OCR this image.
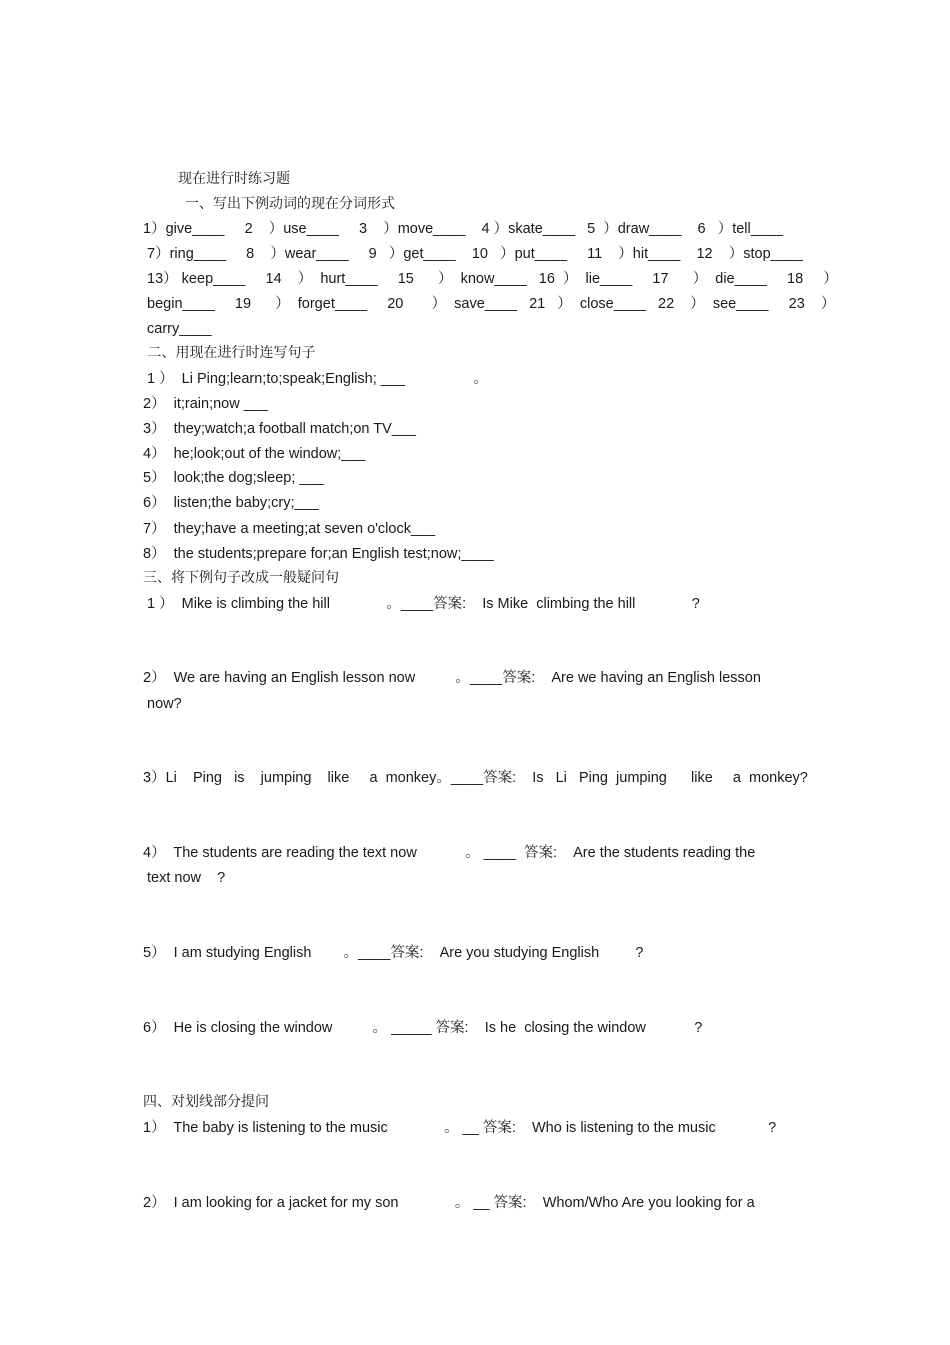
现在进行时练习题

一、写出下例动词的现在分词形式

1）give____     2    ）use____     3    ）move____    4 ）skate____   5  ）draw____    6   ）tell____

7）ring____     8    ）wear____     9   ）get____    10   ）put____     11    ）hit____    12    ）stop____

13） keep____     14    ）  hurt____     15      ）  know____   16  ）  lie____     17      ）  die____     18     ）

begin____     19      ）  forget____     20       ）  save____   21   ）  close____   22    ）  see____     23    ）

carry____

二、用现在进行时连写句子

1 ）  Li Ping;learn;to;speak;English; ___                 。

2）  it;rain;now ___

3）  they;watch;a football match;on TV___

4）  he;look;out of the window;___

5）  look;the dog;sleep; ___

6）  listen;the baby;cry;___

7）  they;have a meeting;at seven o'clock___

8）  the students;prepare for;an English test;now;____

三、将下例句子改成一般疑问句

1 ）  Mike is climbing the hill              。____答案:    Is Mike  climbing the hill              ?

2）  We are having an English lesson now          。____答案:    Are we having an English lesson

now?

3）Li    Ping   is    jumping    like     a  monkey。____答案:    Is   Li   Ping  jumping      like     a  monkey?

4）  The students are reading the text now            。 ____  答案:    Are the students reading the

text now    ?

5）  I am studying English        。____答案:    Are you studying English         ?

6）  He is closing the window          。 _____ 答案:    Is he  closing the window            ?

四、对划线部分提问

1）  The baby is listening to the music              。 __ 答案:    Who is listening to the music             ?

2）  I am looking for a jacket for my son              。 __ 答案:    Whom/Who Are you looking for a
